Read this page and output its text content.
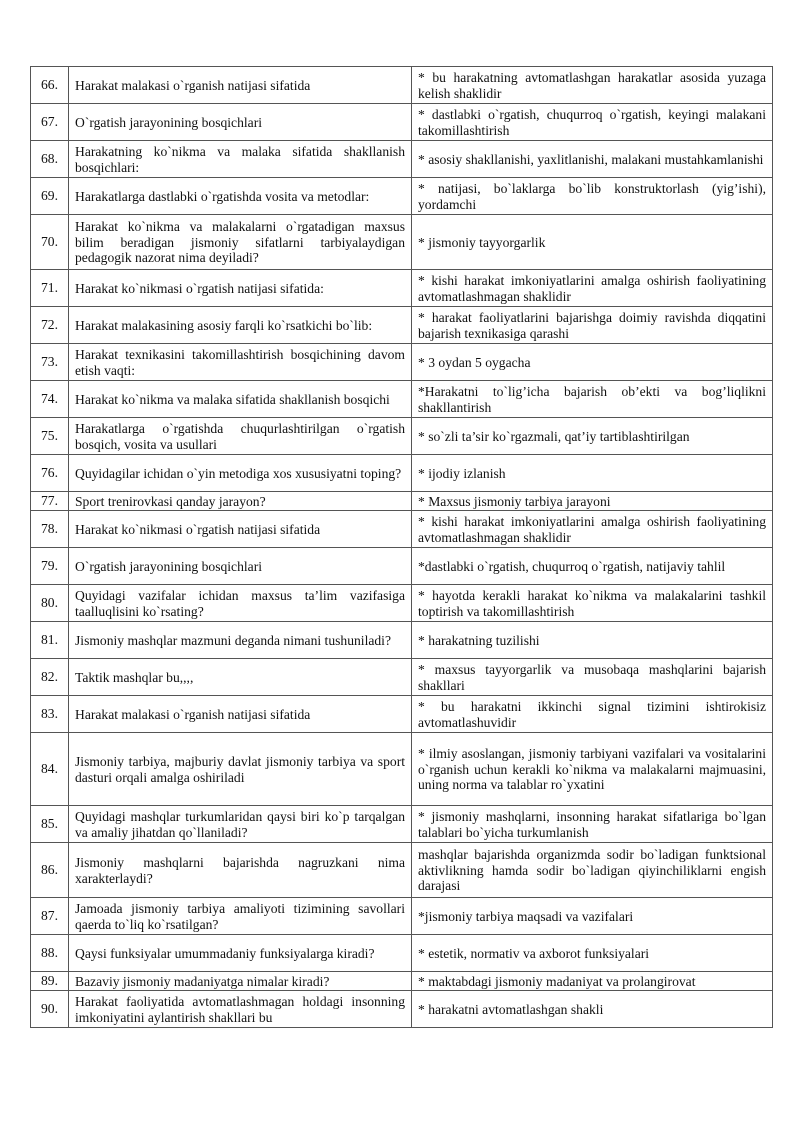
66.	Harakat malakasi o`rganish natijasi sifatida	* bu harakatning avtomatlashgan harakatlar asosida yuzaga kelish shaklidir
67.	O`rgatish jarayonining bosqichlari	* dastlabki o`rgatish, chuqurroq o`rgatish, keyingi malakani takomillashtirish
68.	Harakatning ko`nikma va malaka sifatida shakllanish bosqichlari:	* asosiy shakllanishi, yaxlitlanishi, malakani mustahkamlanishi
69.	Harakatlarga dastlabki o`rgatishda vosita va metodlar:	* natijasi, bo`laklarga bo`lib konstruktorlash (yig’ishi), yordamchi
70.	Harakat ko`nikma va malakalarni o`rgatadigan maxsus bilim beradigan jismoniy sifatlarni tarbiyalaydigan pedagogik nazorat nima deyiladi?	* jismoniy tayyorgarlik
71.	Harakat ko`nikmasi o`rgatish natijasi sifatida:	* kishi harakat imkoniyatlarini amalga oshirish faoliyatining avtomatlashmagan shaklidir
72.	Harakat malakasining asosiy farqli ko`rsatkichi bo`lib:	* harakat faoliyatlarini bajarishga doimiy ravishda diqqatini bajarish texnikasiga qarashi
73.	Harakat texnikasini takomillashtirish bosqichining davom etish vaqti:	* 3 oydan 5 oygacha
74.	Harakat ko`nikma va malaka sifatida shakllanish bosqichi	*Harakatni to`lig’icha bajarish ob’ekti va bog’liqlikni shakllantirish
75.	Harakatlarga o`rgatishda chuqurlashtirilgan o`rgatish bosqich, vosita va usullari	* so`zli ta’sir ko`rgazmali, qat’iy tartiblashtirilgan
76.	Quyidagilar ichidan o`yin metodiga xos xususiyatni toping?	* ijodiy izlanish
77.	Sport trenirovkasi qanday jarayon?	* Maxsus jismoniy tarbiya jarayoni
78.	Harakat ko`nikmasi o`rgatish natijasi sifatida	* kishi harakat imkoniyatlarini amalga oshirish faoliyatining avtomatlashmagan shaklidir
79.	O`rgatish jarayonining bosqichlari	*dastlabki o`rgatish, chuqurroq o`rgatish, natijaviy tahlil
80.	Quyidagi vazifalar ichidan maxsus ta’lim vazifasiga taalluqlisini ko`rsating?	* hayotda kerakli harakat ko`nikma va malakalarini tashkil toptirish va takomillashtirish
81.	Jismoniy mashqlar mazmuni deganda nimani tushuniladi?	* harakatning tuzilishi
82.	Taktik mashqlar bu,,,,	* maxsus tayyorgarlik va musobaqa mashqlarini bajarish shakllari
83.	Harakat malakasi o`rganish natijasi sifatida	* bu harakatni ikkinchi signal tizimini ishtirokisiz avtomatlashuvidir
84.	Jismoniy tarbiya, majburiy davlat jismoniy tarbiya va sport dasturi orqali amalga oshiriladi	* ilmiy asoslangan, jismoniy tarbiyani vazifalari va vositalarini o`rganish uchun kerakli ko`nikma va malakalarni majmuasini, uning norma va talablar ro`yxatini
85.	Quyidagi mashqlar turkumlaridan qaysi biri ko`p tarqalgan va amaliy jihatdan qo`llaniladi?	* jismoniy mashqlarni, insonning harakat sifatlariga bo`lgan talablari bo`yicha turkumlanish
86.	Jismoniy mashqlarni bajarishda nagruzkani nima xarakterlaydi?	mashqlar bajarishda organizmda sodir bo`ladigan funktsional aktivlikning hamda sodir bo`ladigan qiyinchiliklarni engish darajasi
87.	Jamoada jismoniy tarbiya amaliyoti tizimining savollari qaerda to`liq ko`rsatilgan?	*jismoniy tarbiya maqsadi va vazifalari
88.	Qaysi funksiyalar umummadaniy funksiyalarga kiradi?	* estetik, normativ va axborot funksiyalari
89.	Bazaviy jismoniy madaniyatga nimalar kiradi?	* maktabdagi jismoniy madaniyat va prolangirovat
90.	Harakat faoliyatida avtomatlashmagan holdagi insonning imkoniyatini aylantirish shakllari bu	* harakatni avtomatlashgan shakli
